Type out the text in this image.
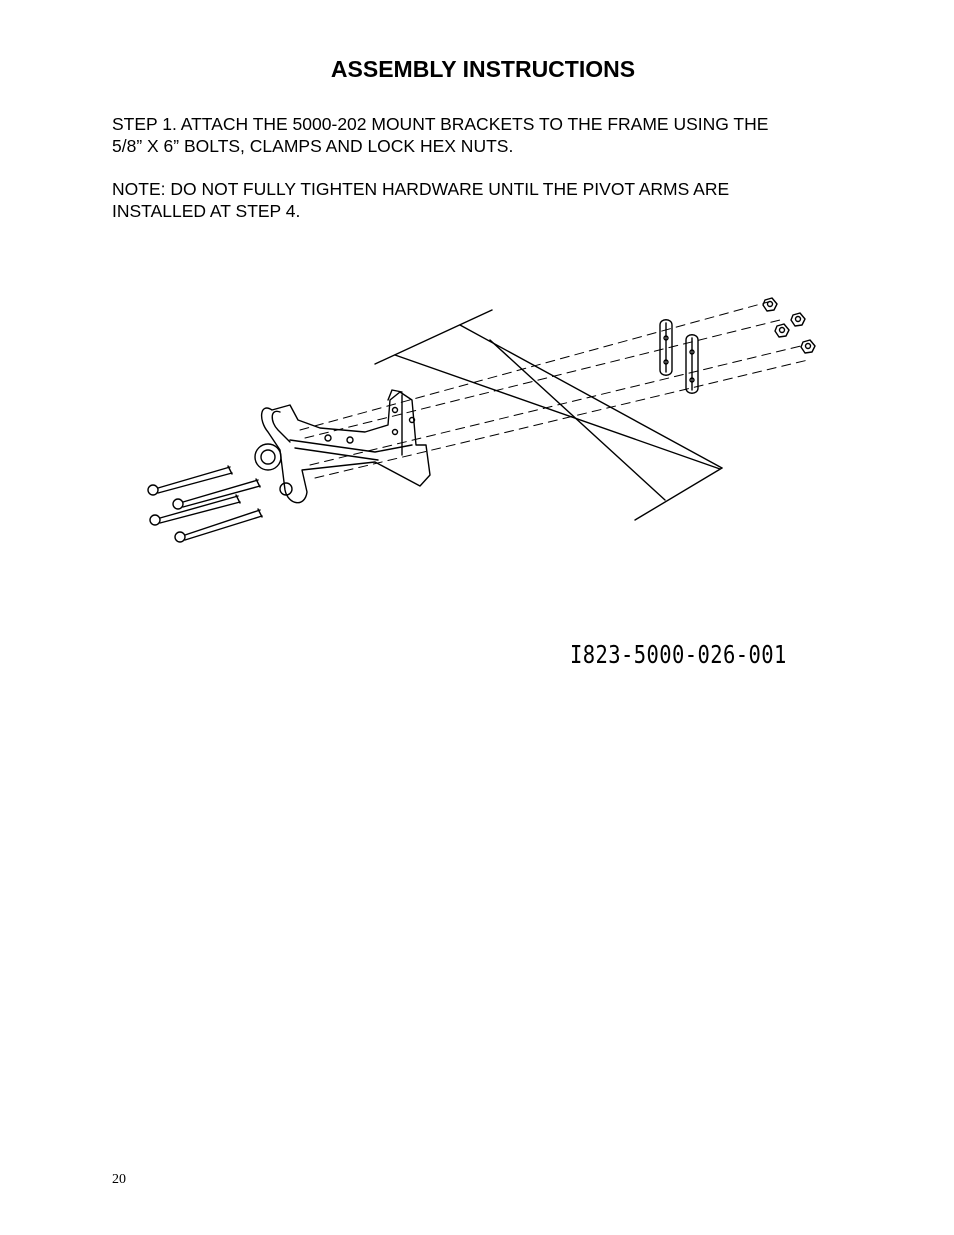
ASSEMBLY INSTRUCTIONS
STEP 1. ATTACH THE 5000-202 MOUNT BRACKETS TO THE FRAME USING THE
5/8” X 6” BOLTS, CLAMPS AND LOCK HEX NUTS.
NOTE: DO NOT FULLY TIGHTEN HARDWARE UNTIL THE PIVOT ARMS ARE
INSTALLED AT STEP 4.
I823-5000-026-001
20
